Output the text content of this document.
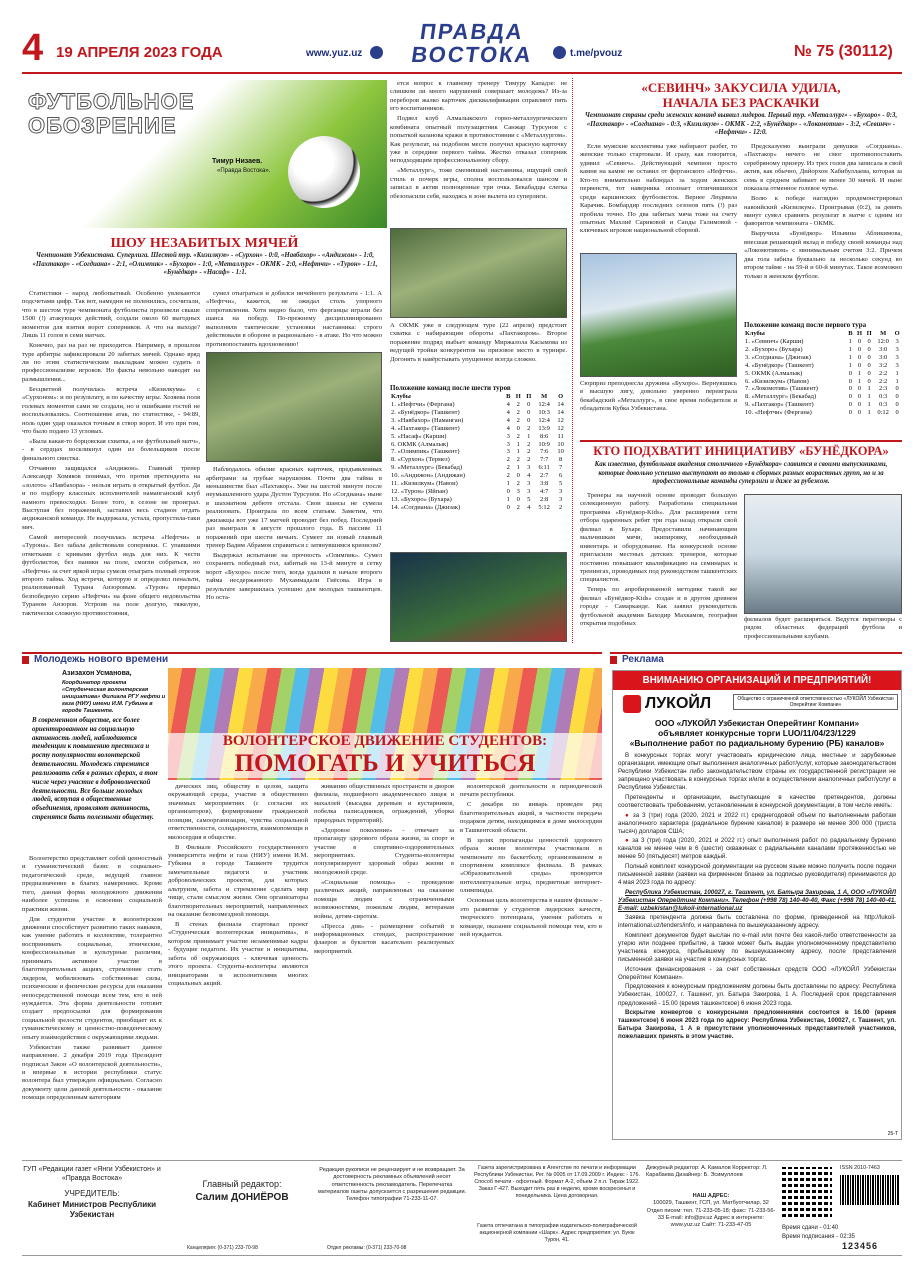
4 19 АПРЕЛЯ 2023 ГОДА	www.yuz.uz
ПРАВДА
ВОСТОКА	t.me/pvouz	№ 75 (30112)
ФУТБОЛЬНОЕ
ОБОЗРЕНИЕ
Тимур Низаев.
«Правда Востока».
ШОУ НЕЗАБИТЫХ МЯЧЕЙ
Чемпионат Узбекистана. Суперлига. Шестой тур. «Кизилкум» - «Сурхон» - 0:0, «Навбахор» - «Андижон» - 1:0, «Пахтакор» - «Согдиана» - 2:1, «Олимпик» - «Бухоро» - 1:0, «Металлург» - ОКМК - 2:0, «Нефтчи» - «Турон» - 1:1, «Бунёдкор» - «Насаф» - 1:1.

Статистики - народ любопытный. Особенно увлекаются подсчетами цифр. Так вот, намедни не поленились, сосчитали, что в шестом туре чемпионата футболисты произвели свыше 1500 (!) атакующих действий, создали около 60 выгодных моментов для взятия ворот соперников. А что на выходе? Лишь 11 голов в семи матчах.

Конечно, раз на раз не приходится. Например, в прошлом туре арбитры зафиксировали 20 забитых мячей. Однако вряд ли по этим статистическим выкладкам можно судить о профессионализме игроков. Но факты невольно наводят на размышления...

Бесцветной получилась встреча «Кизилкума» с «Сурхоном»: и по результату, и по качеству игры. Хозяева поля голевых моментов сами не создали, но и ошибками гостей не воспользовались. Соотношение атак, по статистике, - 94:89, ноль один удар оказался точным в створ ворот. И это при том, что было подано 13 угловых.

«Была какая-то борцовская схватка, а не футбольный матч», - в сердцах воскликнул один из болельщиков после финального свистка.

Отчаянно защищался «Андижон». Главный тренер Александр Хомяков понимал, что против претендента на «золото» «Навбахора» - нельзя играть в открытый футбол. Да и по подбору классных исполнителей наманганский клуб намного превосходил. Более того, в сезоне не проиграл. Выступая без поражений, заставил весь стадион отдать андижанской команде. Не выдержала, устала, пропустила-таки мяч.

Самой интересной получилась встреча «Нефтчи» и «Турона». Без забала действовали соперники. С упавшими отметками с кривыми футбол ведь для них. К чести футболистов, без паники на поле, смогли собраться, но «Нефтчи» за счет яркой игры сумели отыграть полный отрезок второго тайма. Ход встречи, которую и определил пенальти, реализованный Турана Анзоровым. «Турон» прервал безпобедную серию «Нефтчи» на фоне общего недовольства Тураном Анзоров. Устроив на поле долгую, тяжелую, тактически сложную противостояния,

сумел отыграться и добился ничейного результата - 1:1. А «Нефтчи», кажется, не ожидал столь упорного сопротивления. Хотя видно было, что ферганцы играли без шанса на победу. По-прежнему дисциплинированно выполняли тактические установки наставника: строго действовали в обороне и рационально - в атаке. Но что можно противопоставить вдохновению!

Наблюдалось обилие красных карточек, предъявленных арбитрами за грубые нарушения. Почти два тайма в меньшинстве был «Пахтакор». Уже на шестой минуте после неумышленного удара Дустон Турсунов. Но «Согдиана» ныне в шахматном дебюте отстала. Свои шансы не сумела реализовать. Проиграла по всем статьям. Заметим, что джизакцы вот уже 17 матчей проводят без побед. Последний раз выиграли в августе прошлого года. В пассиве 11 поражений при шести ничьих. Сумеет ли новый главный тренер Вадим Абрамов справиться с затянувшимся кризисом?

Выдержал испытание на прочность «Олимпик». Сумел сохранить победный гол, забитый на 13-й минуте в сетку ворот «Бухоро» после того, когда удалили в начале второго тайма несдержанного Мухаммадали Гиёсова. Игра в результате завершилась успешно для молодых ташкентцев. Но оста-

ется вопрос к главному тренеру Тимуру Кападзе: не слишком ли много нарушений совершает молодежь? Из-за переборов жалко карточек дисквалификации справляют пять его воспитанников.

Подвел клуб Алмалыкского горно-металлургического комбината опытный полузащитник Санжар Турсунов с попыткой казанова кражи в противостоянии с «Металлургом». Как результат, на подобном месте получил красную карточку уже в середине первого тайма. Жестко отказал соперник неподходящим профессиональному сбору.

«Металлург», тоже сменивший наставника, ищущий свой стиль и почерк игры, сполна воспользовался шансом и записал в актив полноценные три очка. Бекабадцы слегка обезопасили себя, находясь в зоне вылета из суперлиги.

А ОКМК уже в следующем туре (22 апреля) предстоит схватка с набирающим обороты «Пахтакором». Второе поражение подряд выбьет команду Миржалола Касымова из ведущей тройки конкурентов на призовое место в турнире. Догонять в навёрстывать упущенное всегда сложно.
Положение команд после шести туров
Клубы	В	Н	П	М	О
1. «Нефтчи» (Фергана)	4	2	0	12:4	14
2. «Бунёдкор» (Ташкент)	4	2	0	10:3	14
3. «Навбахор» (Наманган)	4	2	0	12:4	12
4. «Пахтакор» (Ташкент)	4	0	2	13:9	12
5. «Насаф» (Карши)	3	2	1	8:6	11
6. ОКМК (Алмалык)	3	1	2	10:9	10
7. «Олимпик» (Ташкент)	3	1	2	7:6	10
8. «Сурхон» (Термез)	2	2	2	7:7	8
9. «Металлург» (Бекабад)	2	1	3	6:11	7
10. «Андижон» (Андижан)	2	0	4	2:7	6
11. «Кизилкум» (Навои)	1	2	3	3:8	5
12. «Турон» (Яйпан)	0	3	3	4:7	3
13. «Бухоро» (Бухара)	1	0	5	2:8	3
14. «Согдиана» (Джизак)	0	2	4	5:12	2
«СЕВИНЧ» ЗАКУСИЛА УДИЛА,
НАЧАЛА БЕЗ РАСКАЧКИ
Чемпионат страны среди женских команд выявил лидеров. Первый тур. «Металлург» - «Бухоро» - 0:3, «Пахтакор» - «Согдиана» - 0:3, «Кизилкум» - ОКМК - 2:2, «Бунёдкор» - «Локомотив» - 3:2, «Севинч» - «Нефтчи» - 12:0.

Если мужские коллективы уже набирают разбег, то женские только стартовали. И сразу, как говорится, удивил «Севинч». Действующий чемпион просто камня на камне не оставил от ферганского «Нефтчи». Кто-то внимательно наблюдал за ходом женских первенств, тот наверника опознает отличившихся среди каршинских футболисток. Вернее Людмила Карачик. Бомбардир последних сезонов пять (!) раз пробила точно. По два забитых мяча тоже на счету опытных Махлиё Сариковой и Санды Галимовой - ключевых игроков национальной сборной.

Сюрприз преподнесла дружина «Бухоро». Вернувшись в высшую лигу, довольно уверенно переиграла бекабадский «Металлург», в свое время победителя и обладателя Кубка Узбекистана.

Предсказуемо выиграли девушки «Согдианы». «Пахтакор» ничего не смог противопоставить серебряному призеру. Из трех голов два записала в свой актив, как обычно, Дийорхон Хабибуллаева, которая за семь в среднем забивает не менее 30 мячей. И ныне показала отменное голевое чутье.

Волю к победе наглядно продемонстрировал навоийский «Кизилкум». Проигрывая (0:2), за девять минут сумел сравнять результат в матче с одним из фаворитов чемпионата - ОКМК.

Выручила «Бунёдкор» Ильвина Абликимова, внесшая решающий вклад в победу своей команды над «Локомотивом» с минимальным счетом 3:2. Причем два гола забила буквально за несколько секунд во втором тайме - на 59-й и 60-й минутах. Такое возможно только в женском футболе.

Положение команд после первого тура
Клубы	В	Н	П	М	О
1. «Севинч» (Карши)	1	0	0	12:0	3
2. «Бухоро» (Бухара)	1	0	0	3:0	3
3. «Согдиана» (Джизак)	1	0	0	3:0	3
4. «Бунёдкор» (Ташкент)	1	0	0	3:2	3
5. ОКМК (Алмалык)	0	1	0	2:2	1
6. «Кизилкум» (Навои)	0	1	0	2:2	1
7. «Локомотив» (Ташкент)	0	0	1	2:3	0
8. «Металлург» (Бекабад)	0	0	1	0:3	0
9. «Пахтакор» (Ташкент)	0	0	1	0:3	0
10. «Нефтчи» (Фергана)	0	0	1	0:12	0
КТО ПОДХВАТИТ ИНИЦИАТИВУ «БУНЁДКОРА»
Как известно, футбольная академия столичного «Бунёдкора» славится в своими выпускниками, которые довольно успешно выступают во только в сборных разных возрастных групп, но и за профессиональные команды суперлиги и даже за рубежом.

Тренеры на научной основе проводят большую селекционную работу. Разработана специальная программа «Бунёдкор-Kids». Для расширения сети отбора одаренных ребят три года назад открыли свой филиал в Бухаре. Предоставили начинающим мальчишкам мячи, экипировку, необходимый инвентарь и оборудование. На конкурсной основе пригласили местных детских тренеров, которые постоянно повышают квалификацию на семинарах и тренингах, проводимых под руководством ташкентских специалистов.

Теперь по апробированной методике такой же филиал «Бунёдкор-Kids» создан и в другом древнем городе - Самарканде. Как заявил руководитель футбольной академии Баходир Махкамов, география открытия подобных

филиалов будет расширяться. Ведутся переговоры с рядом областных федераций футбола и профессиональными клубами.
Молодежь нового времени
Азизахон Усманова,
Координатор проекта «Студенческая волонтерская инициатива» Филиала РГУ нефти и газа (НИУ) имени И.М. Губкина в городе Ташкенте.
ВОЛОНТЕРСКОЕ ДВИЖЕНИЕ СТУДЕНТОВ:
ПОМОГАТЬ И УЧИТЬСЯ
В современном обществе, все более ориентированном на социальную активность людей, наблюдаются тенденции к повышению престижа и росту популярности волонтерской деятельности. Молодежь стремится реализовать себя в разных сферах, а том числе через участие в добровольческой деятельности. Все больше молодых людей, вступая в общественные объединения, проявляют активность, стремятся быть полезными обществу.

Волонтерство представляет собой ценностный и гуманистический базис в социально-педагогической среде, ведущей главное предназначение в благих намерениях. Кроме того, данная форма молодежного движения наиболее успешна в освоении социальной практики жизни.

Для студентов участие в волонтерском движении способствует развитию таких навыков, как умение работать в коллективе, толерантно воспринимать социальные, этнические, конфессиональные и культурные различия, принимать активное участие в благотворительных акциях, стремление стать лидером, мобилизовать собственные силы, психические и физические ресурсы для оказания непосредственной помощи всем тем, кто в ней нуждается. Эта форма деятельности готовит создает предпосылки для формирования социальной зрелости студентов, приобщает их к гуманистическому и ценностно-поведенческому опыту взаимодействия с окружающими людьми.

Узбекистан также развивает данное направление. 2 декабря 2019 года Президент подписал Закон «О волонтерской деятельности», и впервые в истории республики статус волонтера был утвержден официально. Согласно документу цели данной деятельности - оказание помощи определенным категориям

дических лиц, обществу в целом, защита окружающей среды, участие в общественно значимых мероприятиях (с согласия их организаторов), формирование гражданской позиции, самоорганизации, чувства социальной ответственности, солидарности, взаимопомощи и милосердия в обществе.

В Филиале Российского государственного университета нефти и газа (НИУ) имени И.М. Губкина в городе Ташкенте трудится замечательные педагоги и участник добровольческих проектов, для которых альтруизм, забота и стремление сделать мир чище, стали смыслом жизни. Они организаторы благотворительных мероприятий, направленных на оказание безвозмездной помощи.

В стенах филиала стартовал проект «Студенческая волонтерская инициатива», в котором принимает участие незаменимые кадры - будущие педагоги. Их участие и инициатива, забота об окружающих - ключевая ценность этого проекта. Студенты-волонтеры являются инициаторами и исполнителями многих социальных акций.

живанию общественных пространств и дворов филиала, подшефного академического лицея и махаллей (высадка деревьев и кустарников, побелка палисадников, ограждений, уборка природных территорий).

«Здоровое поколение» - отвечает за пропаганду здорового образа жизни, за спорт и участие в спортивно-оздоровительных мероприятиях. Студенты-волонтеры популяризируют здоровый образ жизни в молодежной среде.

«Социальная помощь» - проведение различных акций, направленных на оказание помощи людям с ограниченными возможностями, пожилым людям, ветеранам войны, детям-сиротам.

«Пресса дня» - размещение событий в информационных стендах, распространение флаеров и буклетов касательно реализуемых мероприятий.

волонтерской деятельности в периодической печати республики.

С декабря по январь проведен ряд благотворительных акций, в частности передача подарков детям, находящимся в доме милосердия в Ташкентской области.

В целях пропаганды ценностей здорового образа жизни волонтеры участвовали в чемпионате по баскетболу, организованном в спортивном комплексе филиала. В рамках «Образовательной среды» проводятся интеллектуальные игры, предметные интернет-олимпиады.

Основная цель волонтерства в нашем филиале - это развитие у студентов лидерских качеств, творческого потенциала, умения работать в команде, оказание социальной помощи тем, кто в ней нуждается.

Реклама
ВНИМАНИЮ ОРГАНИЗАЦИЙ И ПРЕДПРИЯТИЙ!
ЛУКОЙЛ	Общество с ограниченной ответственностью «ЛУКОЙЛ Узбекистан Оперейтинг Компани»
ООО «ЛУКОЙЛ Узбекистан Оперейтинг Компани»
объявляет конкурсные торги LUO/11/04/23/1229
«Выполнение работ по радиальному бурению (РБ) каналов»

В конкурсных торгах могут участвовать юридические лица, местные и зарубежные организации, имеющие опыт выполнения аналогичных работ/услуг, которые законодательством Республики Узбекистан либо законодательством страны их государственной регистрации не запрещено участвовать в конкурсных торгах и/или в осуществлении аналогичных работ/услуг в Республике Узбекистан.

Претенденты и организации, выступающие в качестве претендентов, должны соответствовать требованиям, установленным в конкурсной документации, в том числе иметь:

● за 3 (три) года (2020, 2021 и 2022 гг.) среднегодовой объем по выполненным работам аналогичного характера (радиальное бурение каналов) в размере не менее 300 000 (триста тысяч) долларов США;

● за 3 (три) года (2020, 2021 и 2022 гг.) опыт выполнения работ по радиальному бурению каналов не менее чем в 6 (шести) скважинах с радиальными каналами протяженностью не менее 50 (пятьдесят) метров каждый.

Полный комплект конкурсной документации на русском языке можно получить после подачи письменной заявки (заявки на фирменном бланке за подписью руководителя) принимаются до 4 мая 2023 года по адресу:

Республика Узбекистан, 100027, г. Ташкент, ул. Батыра Закирова, 1 А, ООО «ЛУКОЙЛ Узбекистан Оперейтинг Компани». Телефон (+998 78) 140-40-40, Факс (+998 78) 140-40-41. E-mail: uzbekistan@lukoil-international.uz

Заявка претендента должна быть составлена по форме, приведенной на http://lukoil-international.uz/tenders/info, и направлена по вышеуказанному адресу.

Комплект документов будет выслан по e-mail или почте без какой-либо ответственности за утерю или позднее прибытие, а также может быть выдан уполномоченному представителю участника конкурса, прибывшему по вышеуказанному адресу, после представления письменной заявки на участие в конкурсных торгах.

Источник финансирования - за счет собственных средств ООО «ЛУКОЙЛ Узбекистан Оперейтинг Компани».

Предложения к конкурсным предложениям должны быть доставлены по адресу: Республика Узбекистан, 100027, г. Ташкент, ул. Батыра Закирова, 1 А. Последний срок представления предложений - 15.00 (время ташкентское) 6 июня 2023 года.

Вскрытие конвертов с конкурсными предложениями состоится в 16.00 (время ташкентское) 6 июня 2023 года по адресу: Республика Узбекистан, 100027, г. Ташкент, ул. Батыра Закирова, 1 А в присутствии уполномоченных представителей участников, пожелавших принять в этом участие.

25-Т
ГУП «Редакции газет «Янги Узбекистон» и «Правда Востока»
УЧРЕДИТЕЛЬ:
Кабинет Министров Республики Узбекистан
Главный редактор:
Салим ДОНИЁРОВ
Канцелярия: (0-371) 233-70-98
Редакция рукописи не рецензирует и не возвращает. За достоверность рекламных объявлений несет ответственность рекламодатель. Перепечатка материалов газеты допускается с разрешения редакции. Телефон типографии 71-233-11-07.
Отдел рекламы: (0-371) 233-70-98
Газета зарегистрирована в Агентстве по печати и информации Республики Узбекистан. Рег. № 0005 от 17.09.2009 г. Индекс - 176. Способ печати - офсетный. Формат А-2, объем 2 п.л. Тираж 1922. Заказ Г-427. Выходит пять раз в неделю, кроме воскресенья и понедельника. Цена договорная.
Газета отпечатана в типографии издательско-полиграфической акционерной компании «Шарк». Адрес предприятия: ул. Буюк Турон, 41.
Дежурный редактор: А. Камалов Корректор: Л. Карабаева Дизайнер: Б. Эсимуллоев
НАШ АДРЕС:
100029, Ташкент, ГСП, ул. Матбуотчилар, 32
Отдел писем: тел. 71-233-05-18; факс: 71-233-56-33 E-mail: info@pv.uz Адрес в интернете: www.yuz.uz Сайт: 71-233-47-05
ISSN 2010-7463
Время сдачи - 01:40
Время подписания - 02:35
123456
